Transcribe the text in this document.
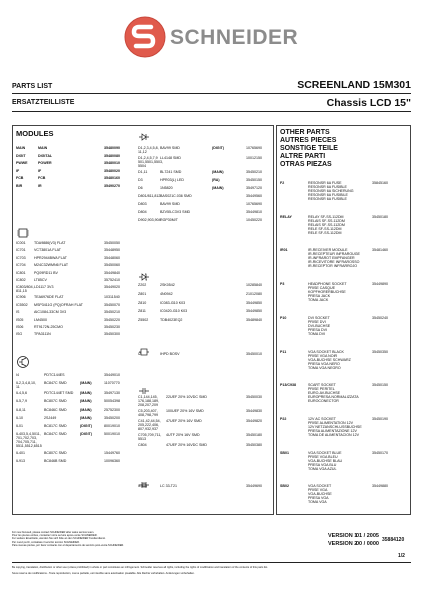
SCHNEIDER
PARTS LIST
ERSATZTEILLISTE
SCREENLAND 15M301
Chassis LCD 15"
MODULES
MAIN	MAIN	35480090
DIGIT	DIGITAL	35480080
PWWE	POWER	35480010
IF	IF	35480020
FCB	FCB	35480160
BIR	IR	35490270
IC001 TDA9886(V3) FLAT	35450050
IC701 VCT3801A FLAT	35448950
IC703 HPR2944BWA FLAT	35448060
IC704 M24C32WMN6 FLAT	35450060
IC801 PQ09RD11 BV	35449840
IC802 LT85CV	35752410
IC803/804,
811,15
LD1117 3V3	35449020
IC906 TEA6976DE FLAT	10311540
IC5502 MSP3411G (PQ)OFRAH FLAT	35450070
IS	AIC1084-33CM 3V3	35450210
IS05	LM4500	35450220
IS06	RT9172N-25CMO	35450230
ISG	TPA3111N	35450300
I4	PDTC144ES	35449010
IL2,3,4,8,10,
11
BC847C SMD	(MAIN)	11070770
IL4,5,6	PDTC144ET SMD (MAIN)	35497130
IL5,7,9	BC807C SMD	(MAIN)	50054398
IL8,11	BC846C SMD	(MAIN)	25752300
IL10	2SJ449	(MAIN)	35450200
IL01	BC817C SMD	(DIGIT)	80019010
IL403,5,4,5011,
701,702,703,
704,705,711,
5511,5512,6515
BC847C SMD	(DIGIT)	50019010
IL401	BC807C SMD	15449760
IL913	BC846B SMD	10096360
D1,2,3,4,5,8,
11,12
BAV99 SMD	(DIGIT)	10765690
D1,2,4,5,7,9
501,5501,5503,
5504
LL4148 SMD	10012150
D1,11	BL7241 SMD	(MAIN)	35450210
D3	HPR03(L) LED	(RA)	35450150
D6	1N5820	(MAIN)	35497120
D801/811,812 BAS021C.036 SMD	35449560
D803	BAV99 SMD	10765690
D804	BZV55-C3V3 SMD	35449810
D902,903,904 RGP30M/T	10450220
Z202	2SK0542	10285840
Z801	4N0942	21012080
Z810	IC083-I310 K03	35449850
Z811	IC0420-I310 K03	35449850
Z5502	TDB4023EQ2	35489840
I2	IHPD BOSV	35450010
C1,144,145,
176,188,189,
208,207,209
22UEF 20% 10VDC SMD	35450030
C5,203,407,
408,798,799
100UEF 20% 16V SMD	35449830
C41,42,44,54,
205,222,406,
807,932,937
47UEF 20% 16V SMD	35449820
C705,709,711,
5513
4UTF 20% 16V SMD	35450180
C804	47UEF 20% 16VDC SMD	35450380
IL303	LC 33-T21	35449690
OTHER PARTS
AUTRES PIECES
SONSTIGE TEILE
ALTRE PARTI
OTRAS PIEZAS
F2	RESONSR 6A FUSE
RESONSR 6A FUSIBLE
RESONSR 6A SICHERUNG
RESONSR 6A FUSIBILE
RESONSR 6A FUSIBLE
35845160
RELAY	RELAY SF-SS-112DM
RELAIS SF-SS-112DM
RELAIS SF-SS-112DM
RELE SF-SS-112DM
RELE SF-SS-112DM
35450180
IR01	IR-RECEIVER MODULE
IR-RECEPTEUR INFRAROUGE
IR-INFRAROT EMPFANGER
IR-RICEVITORE INFRAROSSO
IR-RECEPTOR INFRARROJO
35481460
P3	HEADPHONE SOCKET
PRISE CASQUE
KOPFHORERBUCHSE
PRESA JACK
TOMA JACK
35449890
P10	DVI SOCKET
PRISE DVI
DVI-BUCHSE
PRESA DVI
TOMA DVI
35450240
P11	VGA SOCKET BLACK
PRISE VGA NOIR
VGA-BUCHSE SCHWARZ
PRESA VGA NERO
TOMA VGA NEGRO
35450350
P13/C938	SCART SOCKET
PRISE PERITEL
EURO-AV-BUCHSE
EUROPRESA NORMALIZZATA
EUROCONECTOR
35450150
P22	12V AC SOCKET
PRISE ALIMENTATION 12V
12V NETZANSCHLUSSBUCHSE
PRESA ALIMENTAZIONE 12V
TOMA DE ALIMENTACION 12V
35450190
SB01	VGA SOCKET BLUE
PRISE VGA BLEU
VGA-BUCHSE BLAU
PRESA VGA BLU
TOMA VGA AZUL
35450170
SB02	VGA SOCKET
PRISE VGA
VGA-BUCHSE
PRESA VGA
TOMA VGA
35449880
VERSION 1
01 / 2005
VERSION 2
00 / 0000
35884120
1/2
For new focused, please contact SCHNEIDER after sales service team.
Pour les pieces ecrites, contactez notre service apres-vente SCHNEIDER.
Fur weitere Ersatzteile, wenden Sie sich bitte an den SCHNEIDER Kundendienst.
Per nuovi pezzi, contattare il servizio tecnico SCHNEIDER.
Para nuevas piezas, por favor contacte con el departamento de servicio post-venta SCHNEIDER.
Be copying, translation, distribution or other use (unless prohibited) in whole or part constitutes an infringement. Schneider reserves all rights, including the rights of modification and translation of the contents of this parts list.
Sous reserve de modifications - Toute reproduction, meme partielle, est interdite sans autorisation prealable. Alle Rechte vorbehalten. Anderungen vorbehalten.
